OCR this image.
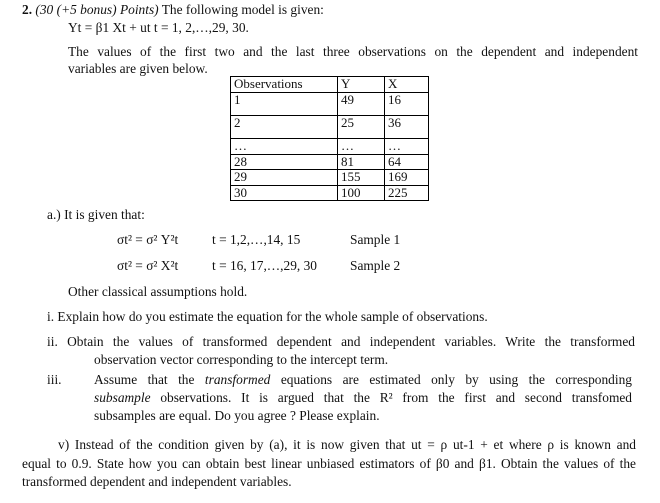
2. (30 (+5 bonus) Points) The following model is given:
Yt = β1 Xt + ut t = 1, 2,…,29, 30.
The values of the first two and the last three observations on the dependent and independent
variables are given below.
Observations	Y	X
1	49	16
2	25	36
…	…	…
28	81	64
29	155	169
30	100	225
a.) It is given that:
σt² = σ² Y²t	t = 1,2,…,14, 15	Sample 1
σt² = σ² X²t	t = 16, 17,…,29, 30 Sample 2
Other classical assumptions hold.
i. Explain how do you estimate the equation for the whole sample of observations.
ii. Obtain the values of transformed dependent and independent variables. Write the transformed
observation vector corresponding to the intercept term.
iii. Assume that the transformed equations are estimated only by using the corresponding
subsample observations. It is argued that the R² from the first and second transfomed
subsamples are equal. Do you agree ? Please explain.
v) Instead of the condition given by (a), it is now given that ut = ρ ut-1 + et where ρ is known and
equal to 0.9. State how you can obtain best linear unbiased estimators of β0 and β1. Obtain the values of the
transformed dependent and independent variables.
